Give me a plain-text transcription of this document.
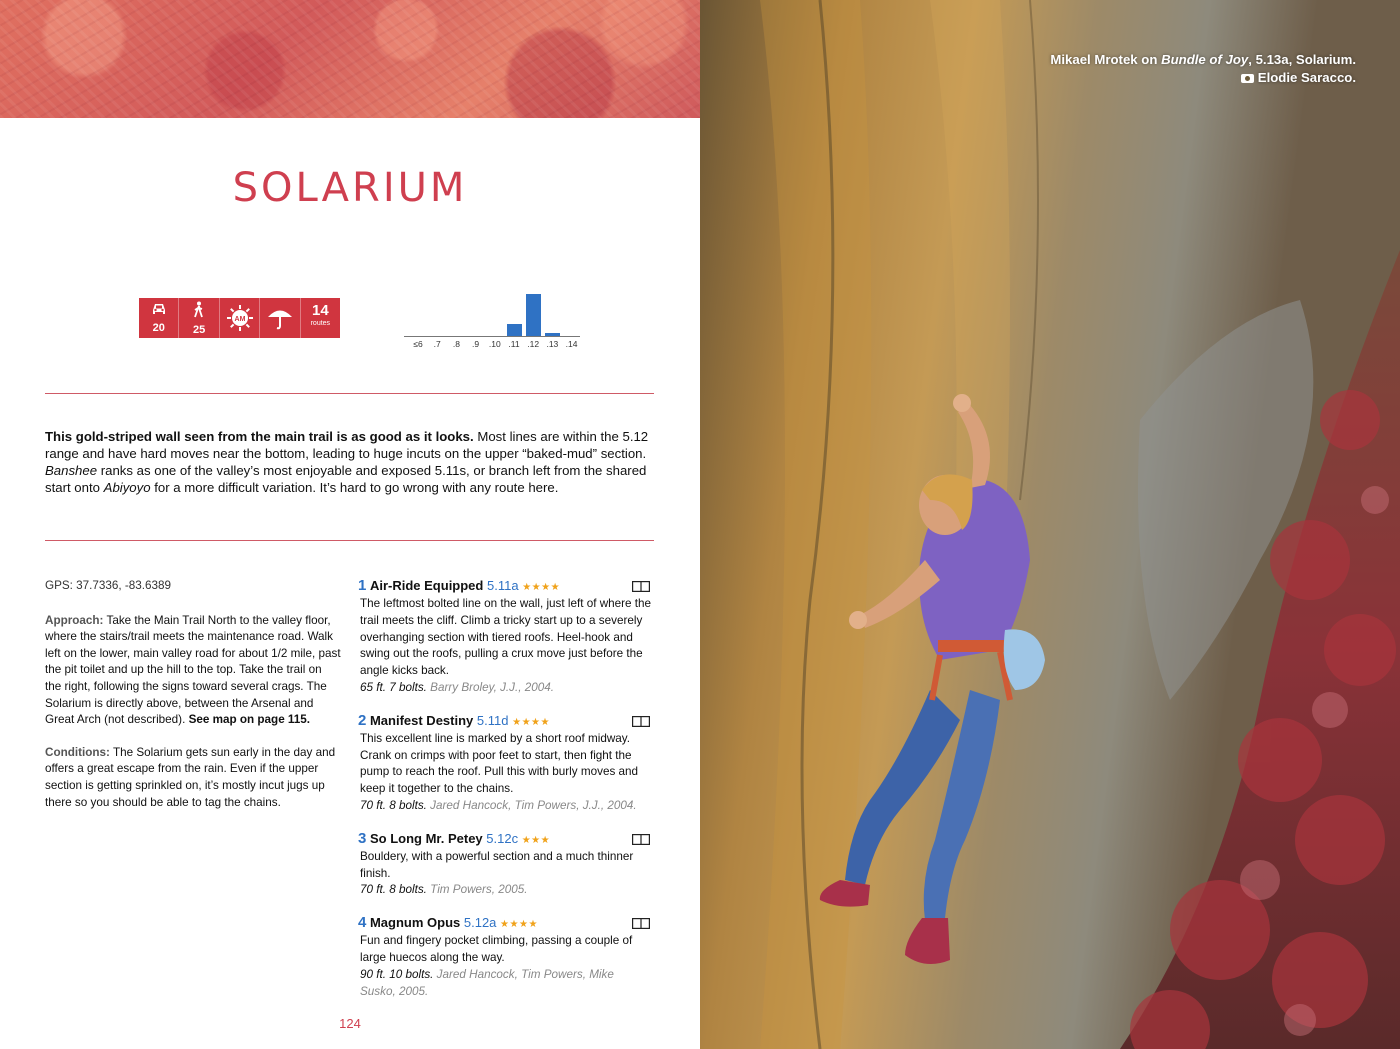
SOLARIUM
20	25
AM
14
routes
≤6	.7	.8	.9	.10 .11 .12 .13 .14
This gold-striped wall seen from the main trail is as good as it looks. Most lines are within the 5.12 range and have hard moves near the bottom, leading to huge incuts on the upper “baked-mud” section. Banshee ranks as one of the valley’s most enjoyable and exposed 5.11s, or branch left from the shared start onto Abiyoyo for a more difficult variation. It’s hard to go wrong with any route here.

GPS: 37.7336, -83.6389

Approach: Take the Main Trail North to the valley floor, where the stairs/trail meets the maintenance road. Walk left on the lower, main valley road for about 1/2 mile, past the pit toilet and up the hill to the top. Take the trail on the right, following the signs toward several crags. The Solarium is directly above, between the Arsenal and Great Arch (not described). See map on page 115.

Conditions: The Solarium gets sun early in the day and offers a great escape from the rain. Even if the upper section is getting sprinkled on, it’s mostly incut jugs up there so you should be able to tag the chains.

1 Air-Ride Equipped 5.11a ★★★★
The leftmost bolted line on the wall, just left of where the trail meets the cliff. Climb a tricky start up to a severely overhanging section with tiered roofs. Heel-hook and swing out the roofs, pulling a crux move just before the angle kicks back.
65 ft. 7 bolts. Barry Broley, J.J., 2004.
2 Manifest Destiny 5.11d ★★★★
This excellent line is marked by a short roof midway. Crank on crimps with poor feet to start, then fight the pump to reach the roof. Pull this with burly moves and keep it together to the chains.
70 ft. 8 bolts. Jared Hancock, Tim Powers, J.J., 2004.
3 So Long Mr. Petey 5.12c ★★★
Bouldery, with a powerful section and a much thinner finish.
70 ft. 8 bolts. Tim Powers, 2005.
4 Magnum Opus 5.12a ★★★★
Fun and fingery pocket climbing, passing a couple of large huecos along the way.
90 ft. 10 bolts. Jared Hancock, Tim Powers, Mike Susko, 2005.
124
Mikael Mrotek on Bundle of Joy, 5.13a, Solarium.
Elodie Saracco.
